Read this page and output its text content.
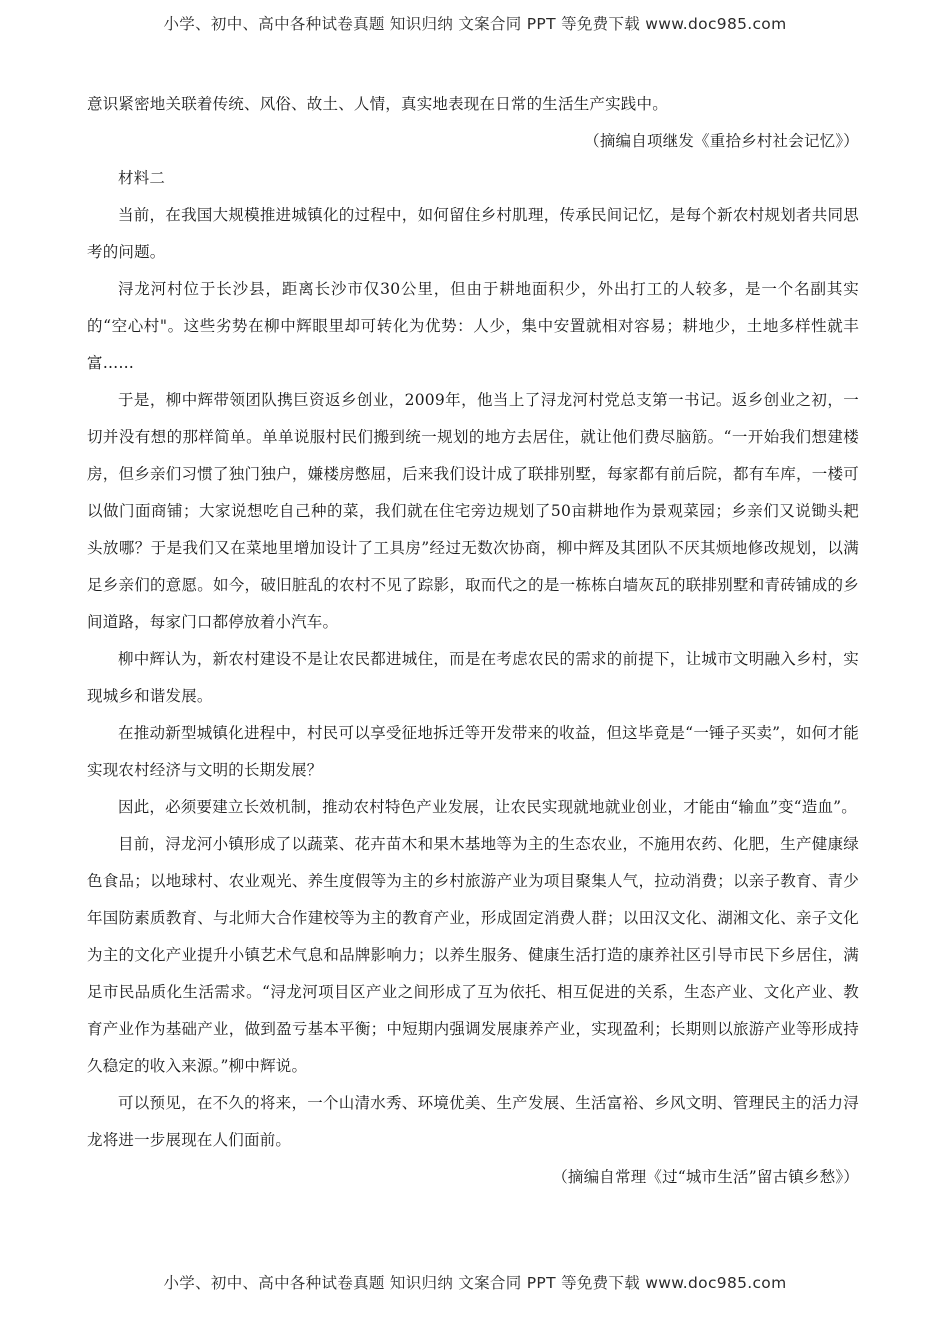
小学、初中、高中各种试卷真题 知识归纳 文案合同 PPT 等免费下载 www.doc985.com

意识紧密地关联着传统、风俗、故土、人情，真实地表现在日常的生活生产实践中。

（摘编自项继发《重拾乡村社会记忆》）

材料二

当前，在我国大规模推进城镇化的过程中，如何留住乡村肌理，传承民间记忆，是每个新农村规划者共同思考的问题。

浔龙河村位于长沙县，距离长沙市仅30公里，但由于耕地面积少，外出打工的人较多，是一个名副其实的“空心村"。这些劣势在柳中辉眼里却可转化为优势：人少，集中安置就相对容易；耕地少，土地多样性就丰富……

于是，柳中辉带领团队携巨资返乡创业，2009年，他当上了浔龙河村党总支第一书记。返乡创业之初，一切并没有想的那样简单。单单说服村民们搬到统一规划的地方去居住，就让他们费尽脑筋。“一开始我们想建楼房，但乡亲们习惯了独门独户，嫌楼房憋屈，后来我们设计成了联排别墅，每家都有前后院，都有车库，一楼可以做门面商铺；大家说想吃自己种的菜，我们就在住宅旁边规划了50亩耕地作为景观菜园；乡亲们又说锄头耙头放哪？于是我们又在菜地里增加设计了工具房”经过无数次协商，柳中辉及其团队不厌其烦地修改规划，以满足乡亲们的意愿。如今，破旧脏乱的农村不见了踪影，取而代之的是一栋栋白墙灰瓦的联排别墅和青砖铺成的乡间道路，每家门口都停放着小汽车。

柳中辉认为，新农村建设不是让农民都进城住，而是在考虑农民的需求的前提下，让城市文明融入乡村，实现城乡和谐发展。

在推动新型城镇化进程中，村民可以享受征地拆迁等开发带来的收益，但这毕竟是“一锤子买卖”，如何才能实现农村经济与文明的长期发展？

因此，必须要建立长效机制，推动农村特色产业发展，让农民实现就地就业创业，才能由“输血”变“造血”。

目前，浔龙河小镇形成了以蔬菜、花卉苗木和果木基地等为主的生态农业，不施用农药、化肥，生产健康绿色食品；以地球村、农业观光、养生度假等为主的乡村旅游产业为项目聚集人气，拉动消费；以亲子教育、青少年国防素质教育、与北师大合作建校等为主的教育产业，形成固定消费人群；以田汉文化、湖湘文化、亲子文化为主的文化产业提升小镇艺术气息和品牌影响力；以养生服务、健康生活打造的康养社区引导市民下乡居住，满足市民品质化生活需求。“浔龙河项目区产业之间形成了互为依托、相互促进的关系，生态产业、文化产业、教育产业作为基础产业，做到盈亏基本平衡；中短期内强调发展康养产业，实现盈利；长期则以旅游产业等形成持久稳定的收入来源。”柳中辉说。

可以预见，在不久的将来，一个山清水秀、环境优美、生产发展、生活富裕、乡风文明、管理民主的活力浔龙将进一步展现在人们面前。

（摘编自常理《过“城市生活”留古镇乡愁》）

小学、初中、高中各种试卷真题 知识归纳 文案合同 PPT 等免费下载 www.doc985.com
